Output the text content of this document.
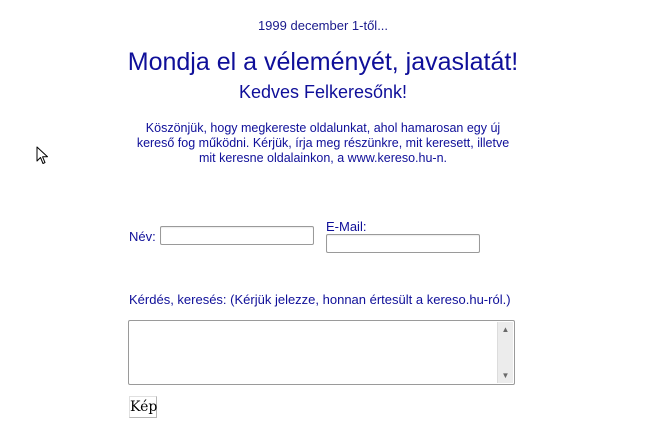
1999 december 1-től...
Mondja el a véleményét, javaslatát!
Kedves Felkeresőnk!
Köszönjük, hogy megkereste oldalunkat, ahol hamarosan egy új kereső fog működni. Kérjük, írja meg részünkre, mit keresett, illetve mit keresne oldalainkon, a www.kereso.hu-n.
Név:
E-Mail:
Kérdés, keresés: (Kérjük jelezze, honnan értesült a kereso.hu-ról.)
▲
▼
Kép
